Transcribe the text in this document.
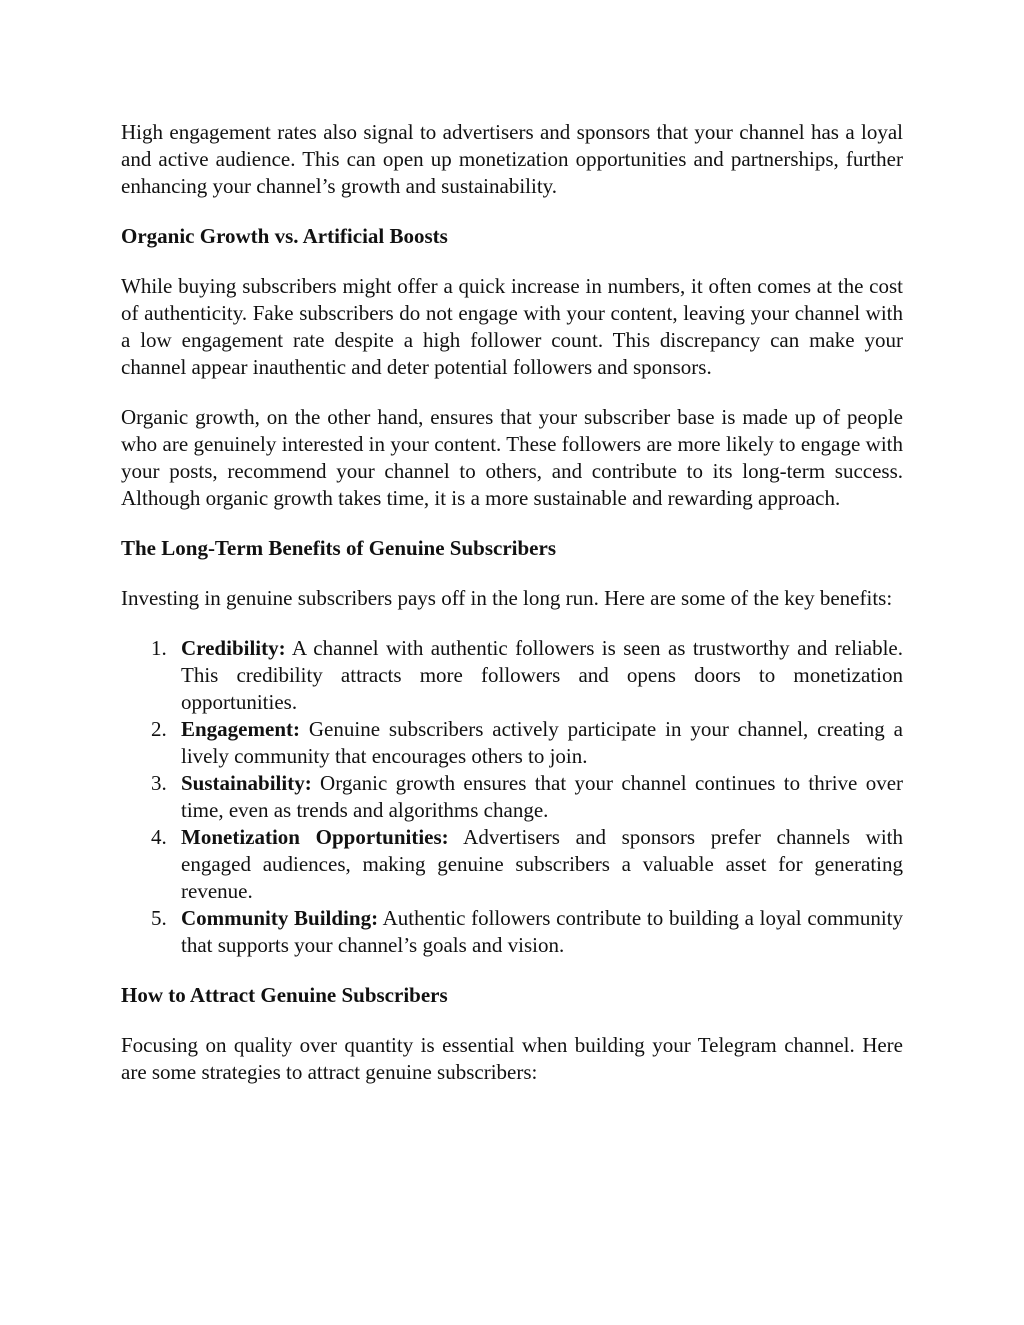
High engagement rates also signal to advertisers and sponsors that your channel has a loyal and active audience. This can open up monetization opportunities and partnerships, further enhancing your channel’s growth and sustainability.

Organic Growth vs. Artificial Boosts

While buying subscribers might offer a quick increase in numbers, it often comes at the cost of authenticity. Fake subscribers do not engage with your content, leaving your channel with a low engagement rate despite a high follower count. This discrepancy can make your channel appear inauthentic and deter potential followers and sponsors.

Organic growth, on the other hand, ensures that your subscriber base is made up of people who are genuinely interested in your content. These followers are more likely to engage with your posts, recommend your channel to others, and contribute to its long-term success. Although organic growth takes time, it is a more sustainable and rewarding approach.

The Long-Term Benefits of Genuine Subscribers

Investing in genuine subscribers pays off in the long run. Here are some of the key benefits:

1. Credibility: A channel with authentic followers is seen as trustworthy and reliable. This credibility attracts more followers and opens doors to monetization opportunities.
2. Engagement: Genuine subscribers actively participate in your channel, creating a lively community that encourages others to join.
3. Sustainability: Organic growth ensures that your channel continues to thrive over time, even as trends and algorithms change.
4. Monetization Opportunities: Advertisers and sponsors prefer channels with engaged audiences, making genuine subscribers a valuable asset for generating revenue.
5. Community Building: Authentic followers contribute to building a loyal community that supports your channel’s goals and vision.
How to Attract Genuine Subscribers

Focusing on quality over quantity is essential when building your Telegram channel. Here are some strategies to attract genuine subscribers:
